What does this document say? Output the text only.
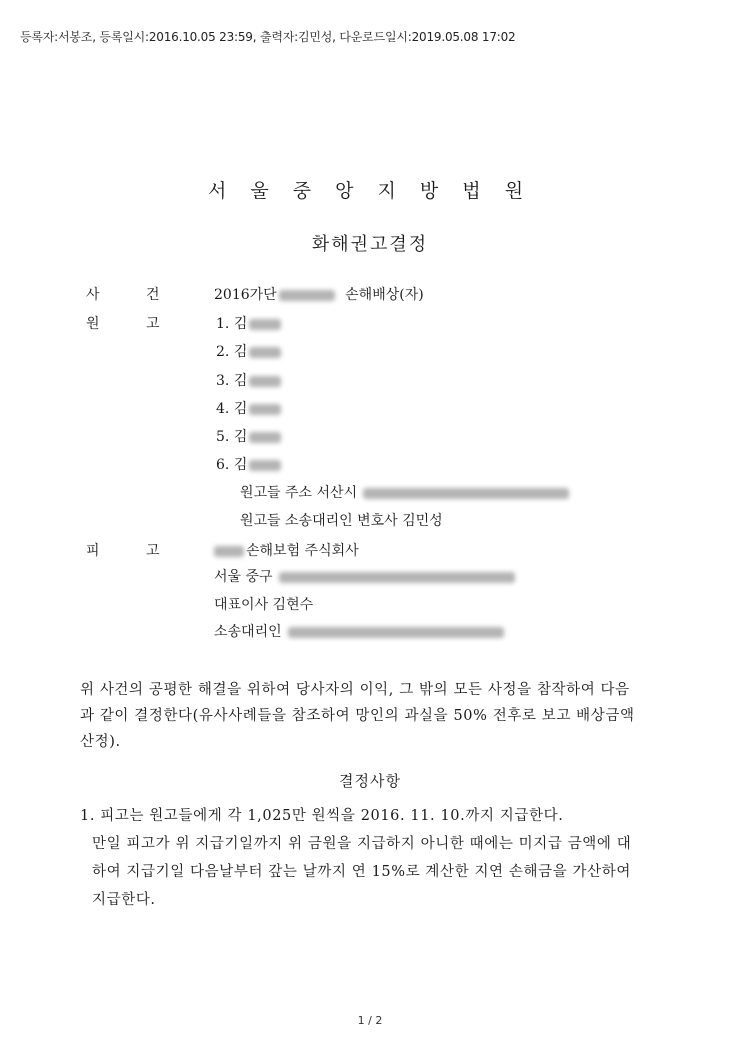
등록자:서봉조, 등록일시:2016.10.05 23:59, 출력자:김민성, 다운로드일시:2019.05.08 17:02
서 울 중 앙 지 방 법 원
화해권고결정
사	건	2016가단	손해배상(자)
원	고	1. 김
2. 김
3. 김
4. 김
5. 김
6. 김
원고들 주소 서산시
원고들 소송대리인 변호사 김민성
피	고	손해보험 주식회사
서울 중구
대표이사 김현수
소송대리인
위 사건의 공평한 해결을 위하여 당사자의 이익, 그 밖의 모든 사정을 참작하여 다음
과 같이 결정한다(유사사례들을 참조하여 망인의 과실을 50% 전후로 보고 배상금액
산정).
결정사항
1. 피고는 원고들에게 각 1,025만 원씩을 2016. 11. 10.까지 지급한다.
만일 피고가 위 지급기일까지 위 금원을 지급하지 아니한 때에는 미지급 금액에 대
하여 지급기일 다음날부터 갚는 날까지 연 15%로 계산한 지연 손해금을 가산하여
지급한다.
1 / 2
